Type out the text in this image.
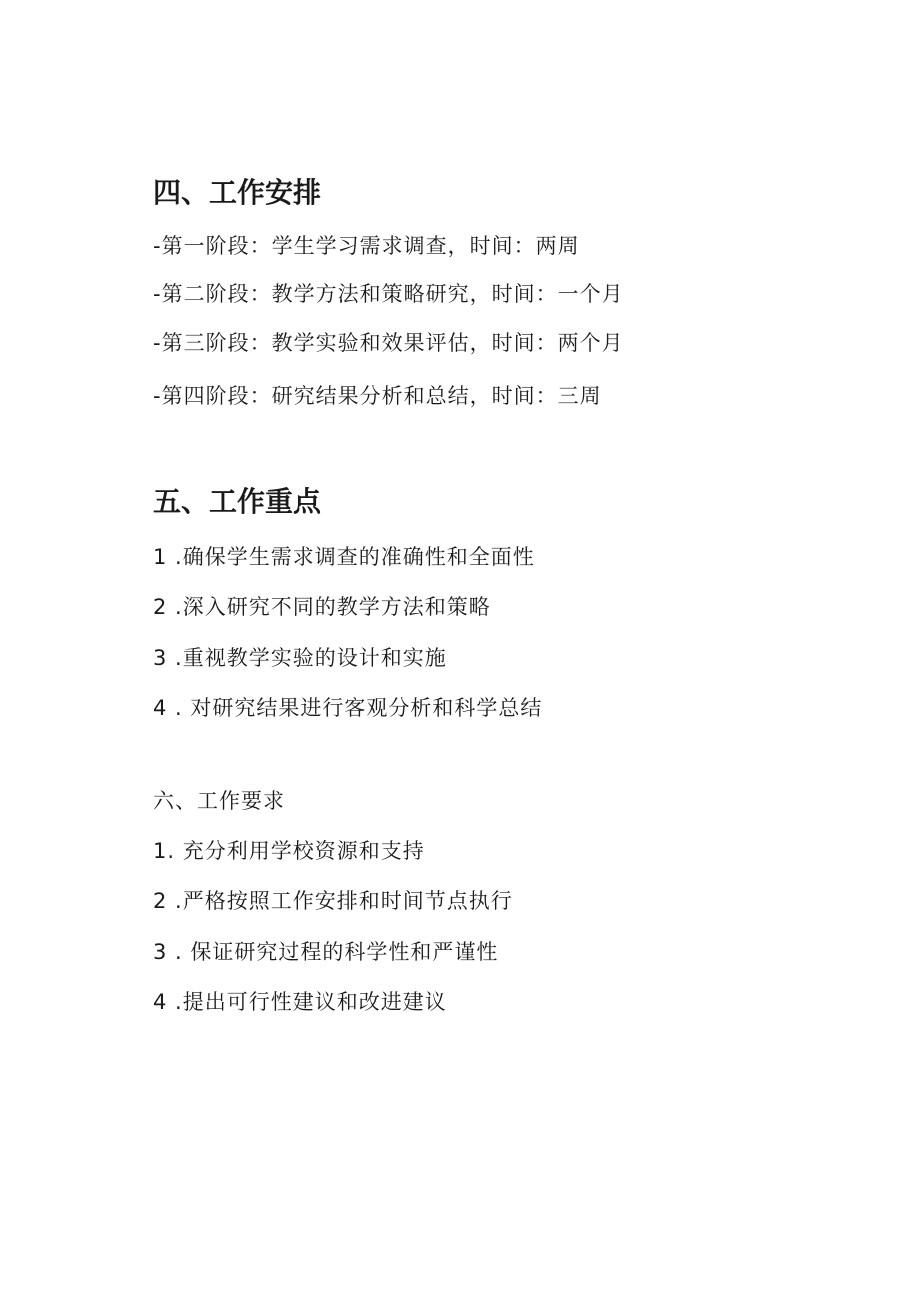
四、工作安排
-第一阶段：学生学习需求调查，时间：两周
-第二阶段：教学方法和策略研究，时间：一个月
-第三阶段：教学实验和效果评估，时间：两个月
-第四阶段：研究结果分析和总结，时间：三周
五、工作重点
1 .确保学生需求调查的准确性和全面性
2 .深入研究不同的教学方法和策略
3 .重视教学实验的设计和实施
4 . 对研究结果进行客观分析和科学总结
六、工作要求
1. 充分利用学校资源和支持
2 .严格按照工作安排和时间节点执行
3 . 保证研究过程的科学性和严谨性
4 .提出可行性建议和改进建议
